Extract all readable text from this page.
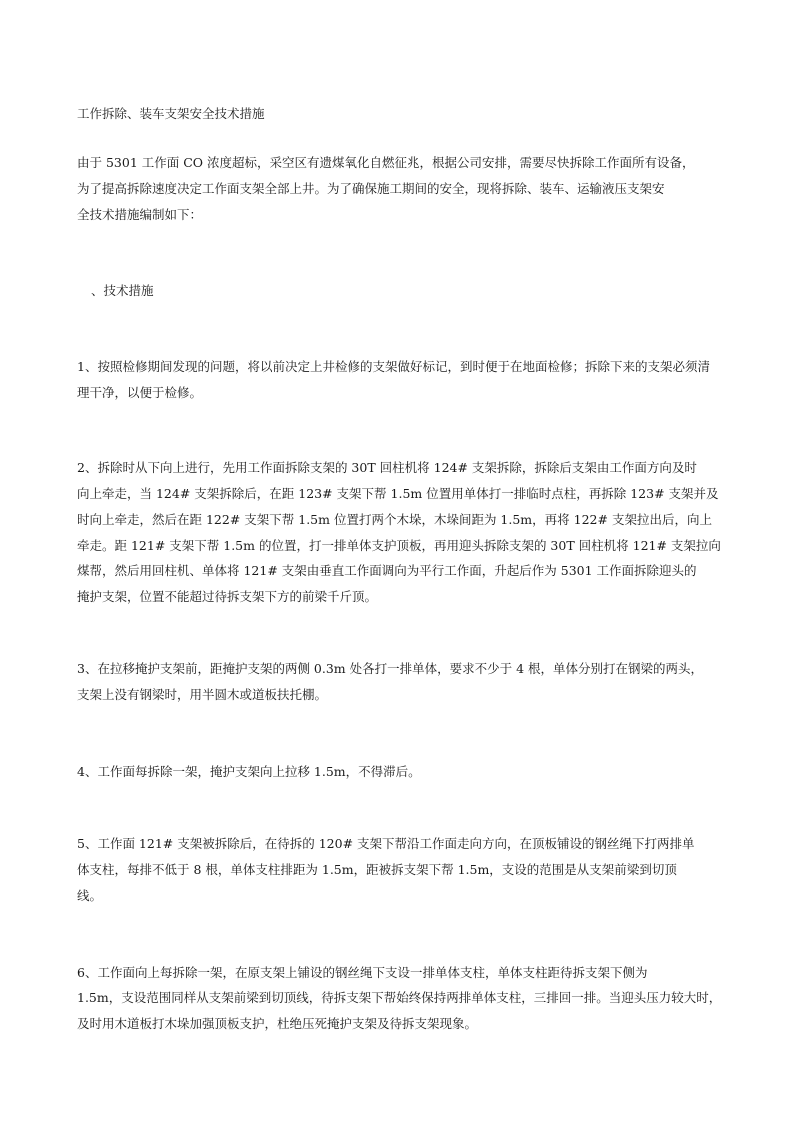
工作拆除、装车支架安全技术措施
由于 5301 工作面 CO 浓度超标，采空区有遗煤氧化自燃征兆，根据公司安排，需要尽快拆除工作面所有设备，
为了提高拆除速度决定工作面支架全部上井。为了确保施工期间的安全，现将拆除、装车、运输液压支架安
全技术措施编制如下：
、技术措施
1、按照检修期间发现的问题，将以前决定上井检修的支架做好标记，到时便于在地面检修；拆除下来的支架必须清
理干净，以便于检修。
2、拆除时从下向上进行，先用工作面拆除支架的 30T 回柱机将 124# 支架拆除，拆除后支架由工作面方向及时
向上牵走，当 124# 支架拆除后，在距 123# 支架下帮 1.5m 位置用单体打一排临时点柱，再拆除 123# 支架并及
时向上牵走，然后在距 122# 支架下帮 1.5m 位置打两个木垛，木垛间距为 1.5m，再将 122# 支架拉出后，向上
牵走。距 121# 支架下帮 1.5m 的位置，打一排单体支护顶板，再用迎头拆除支架的 30T 回柱机将 121# 支架拉向
煤帮，然后用回柱机、单体将 121# 支架由垂直工作面调向为平行工作面，升起后作为 5301 工作面拆除迎头的
掩护支架，位置不能超过待拆支架下方的前梁千斤顶。
3、在拉移掩护支架前，距掩护支架的两侧 0.3m 处各打一排单体，要求不少于 4 根，单体分别打在钢梁的两头，
支架上没有钢梁时，用半圆木或道板扶托棚。
4、工作面每拆除一架，掩护支架向上拉移 1.5m，不得滞后。
5、工作面 121# 支架被拆除后，在待拆的 120# 支架下帮沿工作面走向方向，在顶板铺设的钢丝绳下打两排单
体支柱，每排不低于 8 根，单体支柱排距为 1.5m，距被拆支架下帮 1.5m，支设的范围是从支架前梁到切顶
线。
6、工作面向上每拆除一架，在原支架上铺设的钢丝绳下支设一排单体支柱，单体支柱距待拆支架下侧为
1.5m，支设范围同样从支架前梁到切顶线，待拆支架下帮始终保持两排单体支柱，三排回一排。当迎头压力较大时，
及时用木道板打木垛加强顶板支护，杜绝压死掩护支架及待拆支架现象。
